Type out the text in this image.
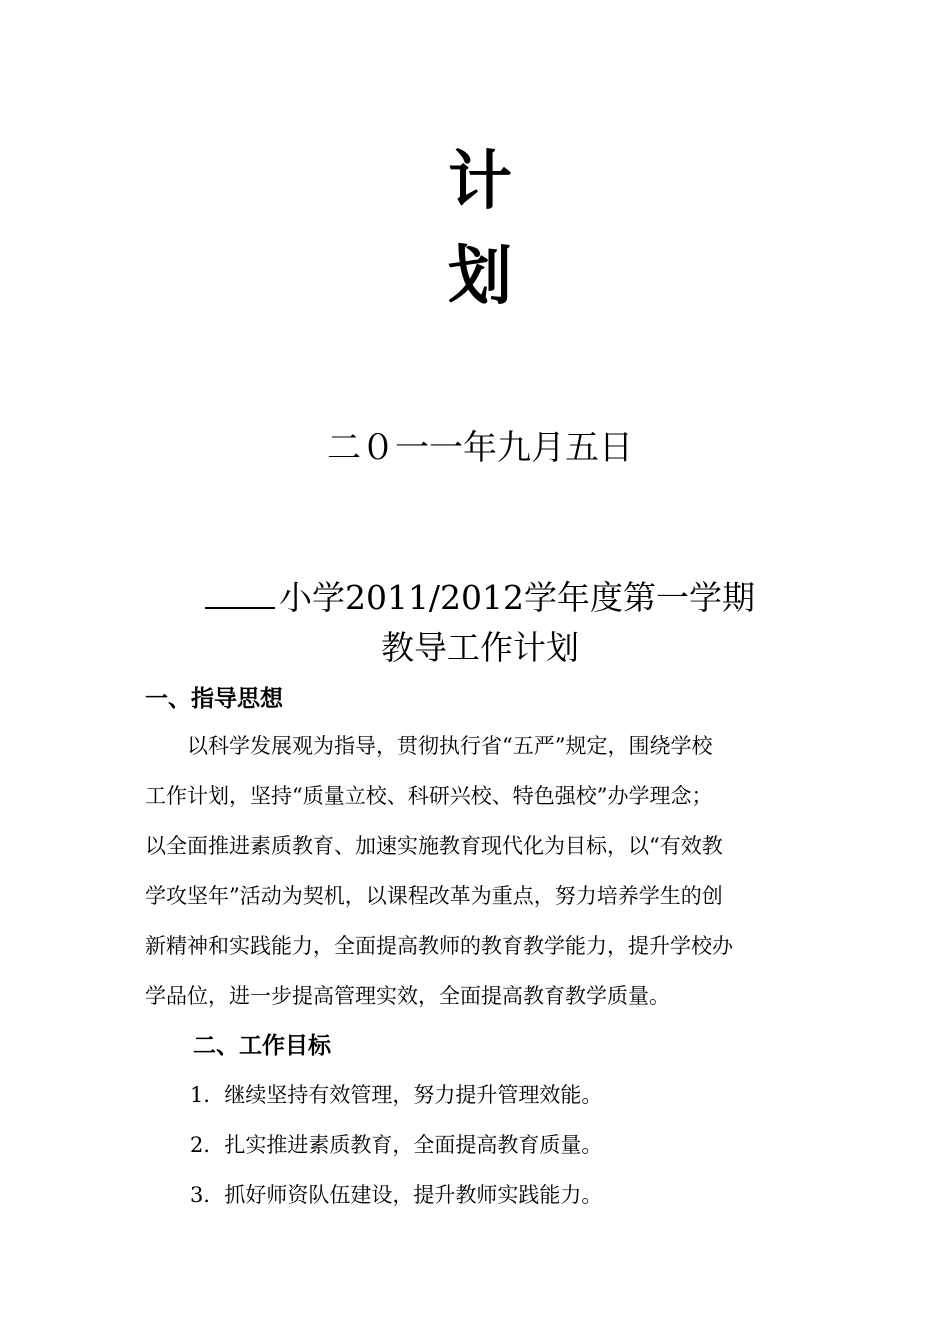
计
划
二０一一年九月五日
小学2011/2012学年度第一学期
教导工作计划
一、指导思想
　　以科学发展观为指导，贯彻执行省“五严”规定，围绕学校
工作计划，坚持“质量立校、科研兴校、特色强校”办学理念；
以全面推进素质教育、加速实施教育现代化为目标，以“有效教
学攻坚年”活动为契机，以课程改革为重点，努力培养学生的创
新精神和实践能力，全面提高教师的教育教学能力，提升学校办
学品位，进一步提高管理实效，全面提高教育教学质量。
二、工作目标
1．继续坚持有效管理，努力提升管理效能。
2．扎实推进素质教育，全面提高教育质量。
3．抓好师资队伍建设，提升教师实践能力。
